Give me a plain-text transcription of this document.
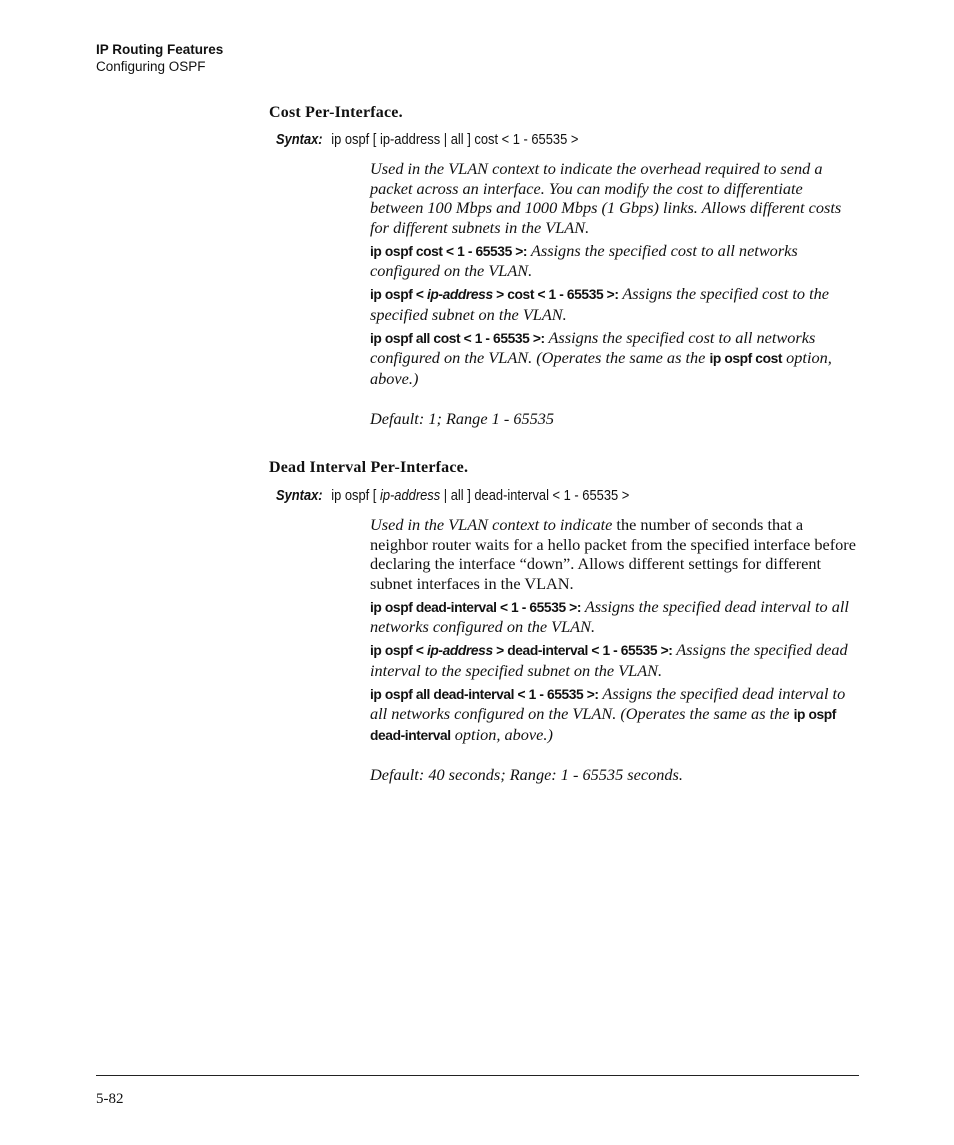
IP Routing Features
Configuring OSPF
Cost Per-Interface.
Syntax: ip ospf [ ip-address | all ] cost < 1 - 65535 >

Used in the VLAN context to indicate the overhead required to send a packet across an interface. You can modify the cost to differentiate between 100 Mbps and 1000 Mbps (1 Gbps) links. Allows different costs for different subnets in the VLAN.

ip ospf cost < 1 - 65535 >: Assigns the specified cost to all networks configured on the VLAN.

ip ospf < ip-address > cost < 1 - 65535 >: Assigns the specified cost to the specified subnet on the VLAN.

ip ospf all cost < 1 - 65535 >: Assigns the specified cost to all networks configured on the VLAN. (Operates the same as the ip ospf cost option, above.)

Default: 1; Range 1 - 65535
Dead Interval Per-Interface.
Syntax: ip ospf [ ip-address | all ] dead-interval < 1 - 65535 >

Used in the VLAN context to indicate the number of seconds that a neighbor router waits for a hello packet from the specified interface before declaring the interface “down”. Allows different settings for different subnet interfaces in the VLAN.

ip ospf dead-interval < 1 - 65535 >: Assigns the specified dead interval to all networks configured on the VLAN.

ip ospf < ip-address > dead-interval < 1 - 65535 >: Assigns the specified dead interval to the specified subnet on the VLAN.

ip ospf all dead-interval < 1 - 65535 >: Assigns the specified dead interval to all networks configured on the VLAN. (Operates the same as the ip ospf dead-interval option, above.)

Default: 40 seconds; Range: 1 - 65535 seconds.
5-82
